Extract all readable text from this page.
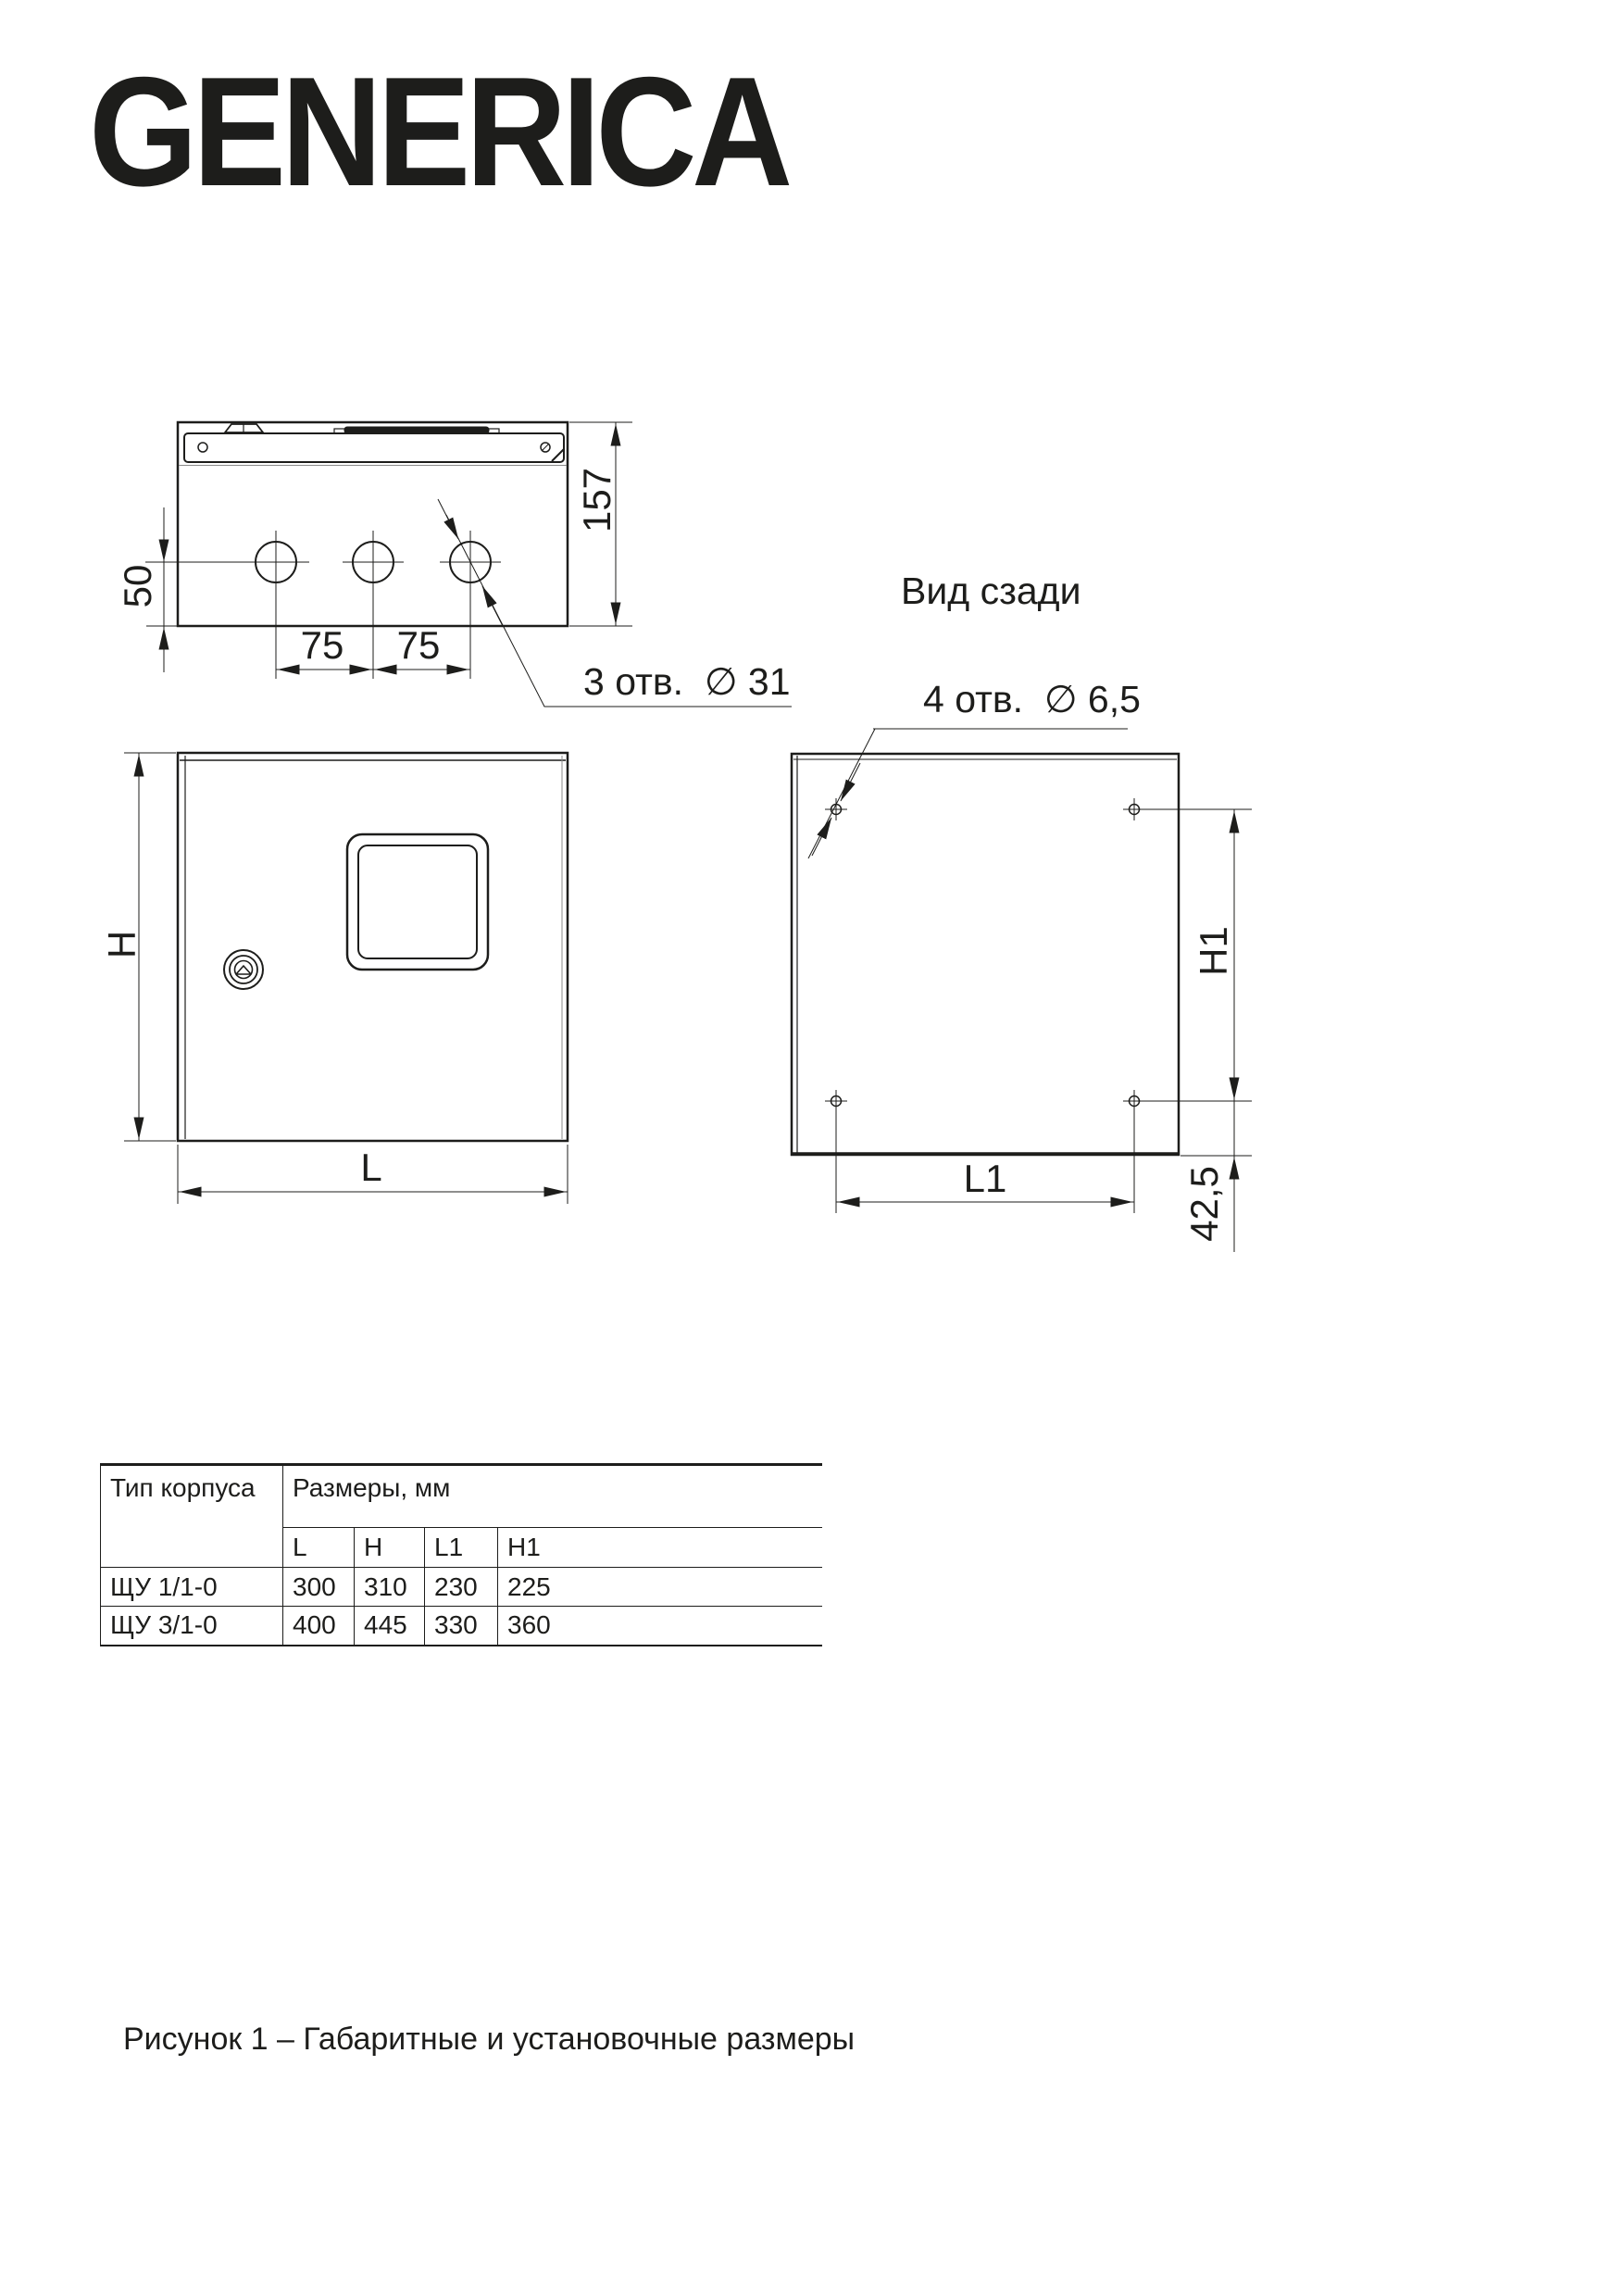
GENERICA
Вид сзади
3 отв.  ∅ 31	4 отв.  ∅ 6,5
157
50
75 75
H
L
H1
42,5
L1
Тип корпуса	Размеры, мм			
	L	H	L1	H1
ЩУ 1/1-0	300	310	230	225
ЩУ 3/1-0	400	445	330	360
Рисунок 1 – Габаритные и установочные размеры
